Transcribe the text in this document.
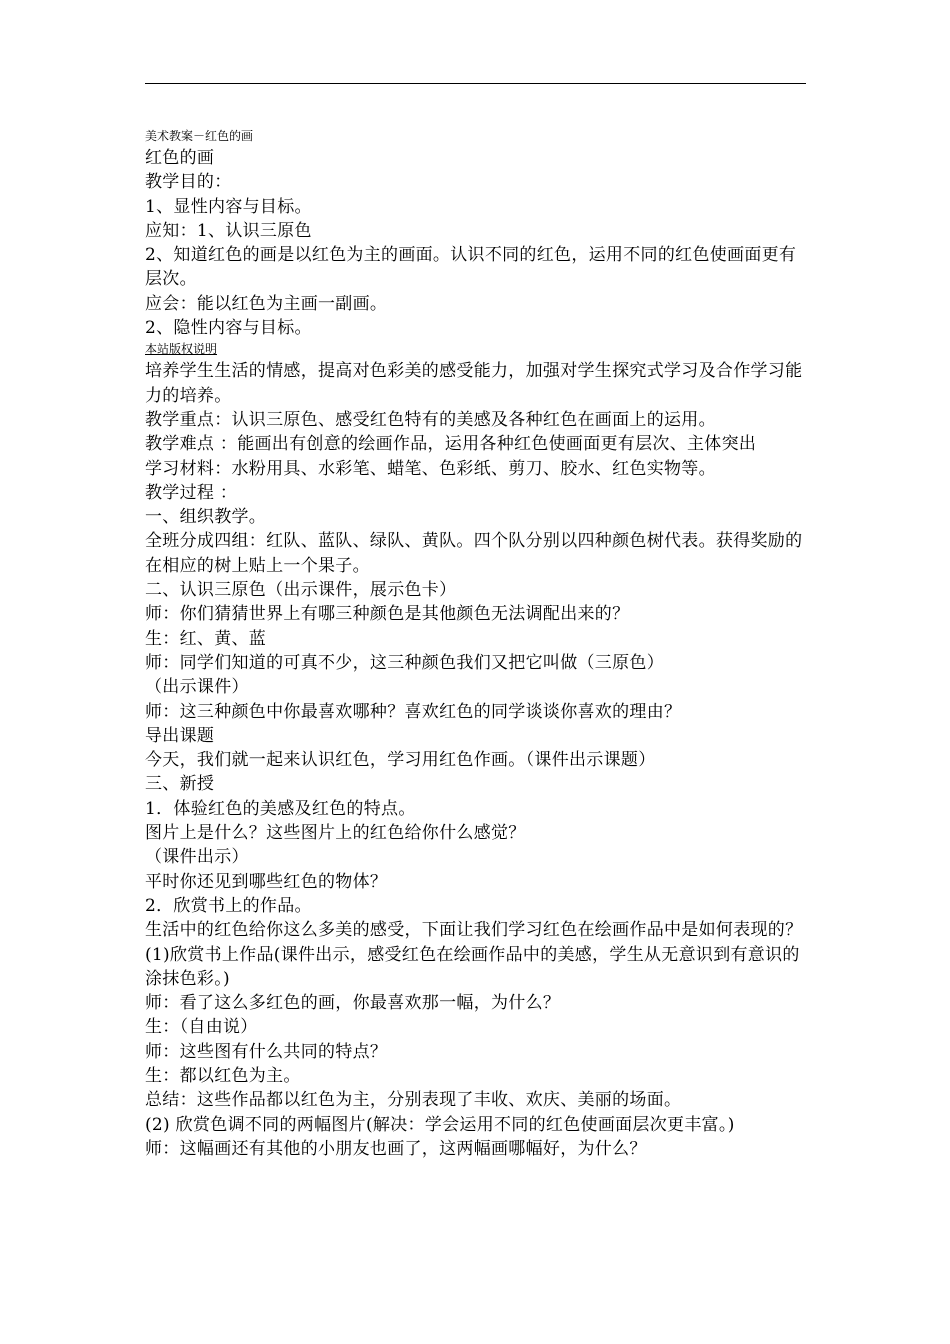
美术教案－红色的画

红色的画

教学目的：

1、显性内容与目标。

应知：1、认识三原色

2、知道红色的画是以红色为主的画面。认识不同的红色，运用不同的红色使画面更有层次。

应会：能以红色为主画一副画。

2、隐性内容与目标。

本站版权说明

培养学生生活的情感，提高对色彩美的感受能力，加强对学生探究式学习及合作学习能力的培养。

教学重点：认识三原色、感受红色特有的美感及各种红色在画面上的运用。

教学难点 ：能画出有创意的绘画作品，运用各种红色使画面更有层次、主体突出

学习材料：水粉用具、水彩笔、蜡笔、色彩纸、剪刀、胶水、红色实物等。

教学过程 ：

一、组织教学。

全班分成四组：红队、蓝队、绿队、黄队。四个队分别以四种颜色树代表。获得奖励的在相应的树上贴上一个果子。

二、认识三原色（出示课件，展示色卡）

师：你们猜猜世界上有哪三种颜色是其他颜色无法调配出来的？

生：红、黄、蓝

师：同学们知道的可真不少，这三种颜色我们又把它叫做（三原色）

（出示课件）

师：这三种颜色中你最喜欢哪种？喜欢红色的同学谈谈你喜欢的理由？

导出课题

今天，我们就一起来认识红色，学习用红色作画。（课件出示课题）

三、新授

1．体验红色的美感及红色的特点。

图片上是什么？这些图片上的红色给你什么感觉？

（课件出示）

平时你还见到哪些红色的物体？

2．欣赏书上的作品。

生活中的红色给你这么多美的感受，下面让我们学习红色在绘画作品中是如何表现的？

(1)欣赏书上作品(课件出示，感受红色在绘画作品中的美感，学生从无意识到有意识的涂抹色彩。)

师：看了这么多红色的画，你最喜欢那一幅，为什么？

生：（自由说）

师：这些图有什么共同的特点？

生：都以红色为主。

总结：这些作品都以红色为主，分别表现了丰收、欢庆、美丽的场面。

(2) 欣赏色调不同的两幅图片(解决：学会运用不同的红色使画面层次更丰富。)

师：这幅画还有其他的小朋友也画了，这两幅画哪幅好，为什么？
